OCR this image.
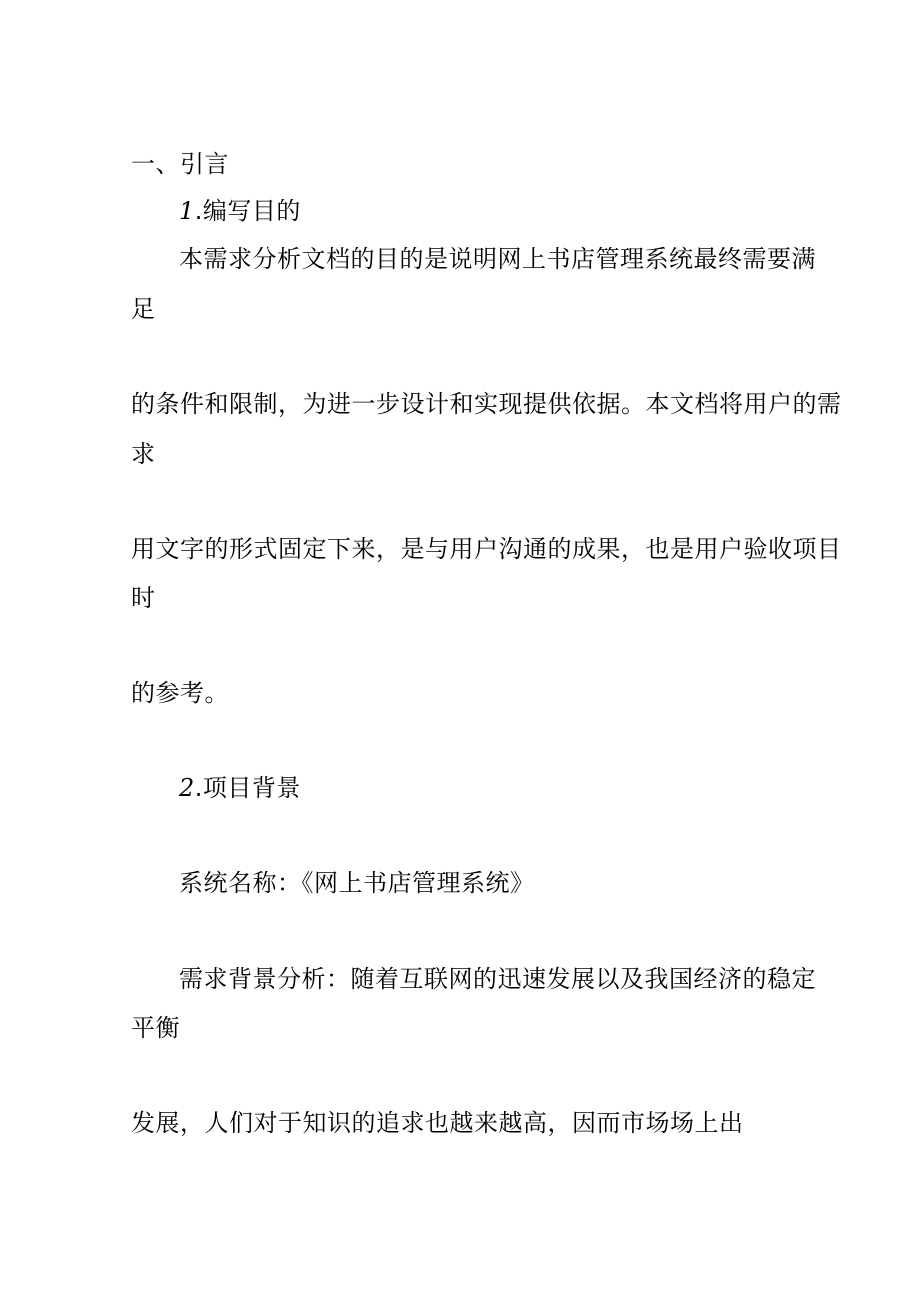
一、引言
1.编写目的
本需求分析文档的目的是说明网上书店管理系统最终需要满
足
的条件和限制，为进一步设计和实现提供依据。本文档将用户的需
求
用文字的形式固定下来，是与用户沟通的成果，也是用户验收项目
时
的参考。
2.项目背景
系统名称：《网上书店管理系统》
需求背景分析：随着互联网的迅速发展以及我国经济的稳定
平衡
发展，人们对于知识的追求也越来越高，因而市场场上出
